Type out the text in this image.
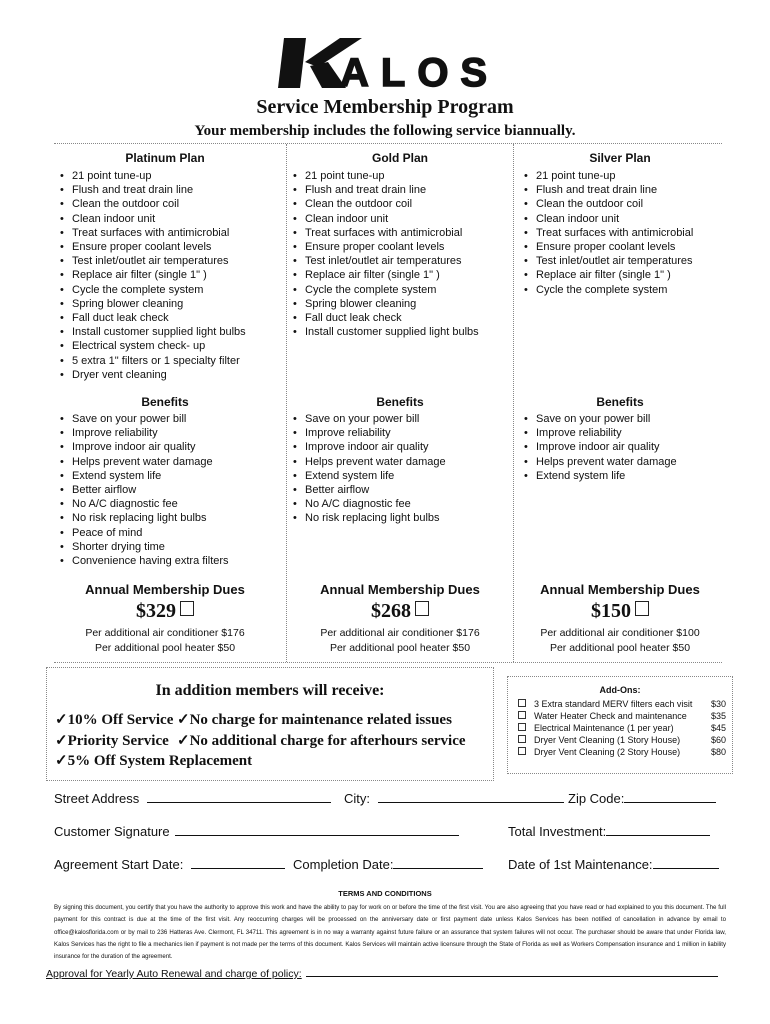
ALOS
Service Membership Program
Your membership includes the following service biannually.
Platinum Plan
• 21 point tune-up
• Flush and treat drain line
• Clean the outdoor coil
• Clean indoor unit
• Treat surfaces with antimicrobial
• Ensure proper coolant levels
• Test inlet/outlet air temperatures
• Replace air filter (single 1" )
• Cycle the complete system
• Spring blower cleaning
• Fall duct leak check
• Install customer supplied light bulbs
• Electrical system check- up
• 5 extra 1" filters or 1 specialty filter
• Dryer vent cleaning
Benefits
• Save on your power bill
• Improve reliability
• Improve indoor air quality
• Helps prevent water damage
• Extend system life
• Better airflow
• No A/C diagnostic fee
• No risk replacing light bulbs
• Peace of mind
• Shorter drying time
• Convenience having extra filters
Annual Membership Dues
$329
Per additional air conditioner $176
Per additional pool heater $50
Gold Plan
• 21 point tune-up
• Flush and treat drain line
• Clean the outdoor coil
• Clean indoor unit
• Treat surfaces with antimicrobial
• Ensure proper coolant levels
• Test inlet/outlet air temperatures
• Replace air filter (single 1" )
• Cycle the complete system
• Spring blower cleaning
• Fall duct leak check
• Install customer supplied light bulbs
Benefits
• Save on your power bill
• Improve reliability
• Improve indoor air quality
• Helps prevent water damage
• Extend system life
• Better airflow
• No A/C diagnostic fee
• No risk replacing light bulbs
Annual Membership Dues
$268
Per additional air conditioner $176
Per additional pool heater $50
Silver Plan
• 21 point tune-up
• Flush and treat drain line
• Clean the outdoor coil
• Clean indoor unit
• Treat surfaces with antimicrobial
• Ensure proper coolant levels
• Test inlet/outlet air temperatures
• Replace air filter (single 1" )
• Cycle the complete system
Benefits
• Save on your power bill
• Improve reliability
• Improve indoor air quality
• Helps prevent water damage
• Extend system life
Annual Membership Dues
$150
Per additional air conditioner $100
Per additional pool heater $50
In addition members will receive:
✓10% Off Service ✓No charge for maintenance related issues
✓Priority Service ✓No additional charge for afterhours service
✓5% Off System Replacement
Add-Ons:
3 Extra standard MERV filters each visit $30
Water Heater Check and maintenance	$35
Electrical Maintenance (1 per year)	$45
Dryer Vent Cleaning (1 Story House)	$60
Dryer Vent Cleaning (2 Story House)	$80
Street Address	City:	Zip Code:
Customer Signature	Total Investment:
Agreement Start Date:	Completion Date:	Date of 1st Maintenance:
TERMS AND CONDITIONS
By signing this document, you certify that you have the authority to approve this work and have the ability to pay for work on or before the time of the first visit. You are also agreeing that you have read or had explained to you this document. The full payment for this contract is due at the time of the first visit. Any reoccurring charges will be processed on the anniversary date or first payment date unless Kalos Services has been notified of cancellation in advance by email to office@kalosflorida.com or by mail to 236 Hatteras Ave. Clermont, FL 34711. This agreement is in no way a warranty against future failure or an assurance that system failures will not occur. The purchaser should be aware that under Florida law, Kalos Services has the right to file a mechanics lien if payment is not made per the terms of this document. Kalos Services will maintain active licensure through the State of Florida as well as Workers Compensation insurance and 1 million in liability insurance for the duration of the agreement.
Approval for Yearly Auto Renewal and charge of policy:
